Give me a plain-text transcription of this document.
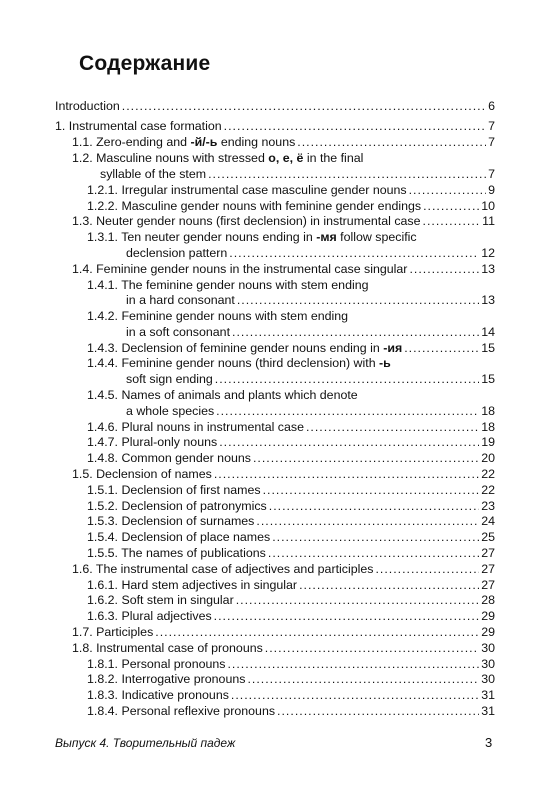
Содержание
Introduction .....	6
1. Instrumental case formation .....	7
1.1. Zero-ending and -й/-ь ending nouns .....	7
1.2. Masculine nouns with stressed о, е, ё in the final
syllable of the stem .....	7
1.2.1. Irregular instrumental case masculine gender nouns .....	9
1.2.2. Masculine gender nouns with feminine gender endings .....	10
1.3. Neuter gender nouns (first declension) in instrumental case .....	11
1.3.1. Ten neuter gender nouns ending in -мя follow specific
declension pattern .....	12
1.4. Feminine gender nouns in the instrumental case singular .....	13
1.4.1. The feminine gender nouns with stem ending
in a hard consonant .....	13
1.4.2. Feminine gender nouns with stem ending
in a soft consonant .....	14
1.4.3. Declension of feminine gender nouns ending in -ия .....	15
1.4.4. Feminine gender nouns (third declension) with -ь
soft sign ending .....	15
1.4.5. Names of animals and plants which denote
a whole species .....	18
1.4.6. Plural nouns in instrumental case .....	18
1.4.7. Plural-only nouns .....	19
1.4.8. Common gender nouns .....	20
1.5. Declension of names .....	22
1.5.1. Declension of first names .....	22
1.5.2. Declension of patronymics .....	23
1.5.3. Declension of surnames .....	24
1.5.4. Declension of place names .....	25
1.5.5. The names of publications .....	27
1.6. The instrumental case of adjectives and participles .....	27
1.6.1. Hard stem adjectives in singular .....	27
1.6.2. Soft stem in singular .....	28
1.6.3. Plural adjectives .....	29
1.7. Participles .....	29
1.8. Instrumental case of pronouns .....	30
1.8.1. Personal pronouns .....	30
1.8.2. Interrogative pronouns .....	30
1.8.3. Indicative pronouns .....	31
1.8.4. Personal reflexive pronouns .....	31
Выпуск 4. Творительный падеж	3
